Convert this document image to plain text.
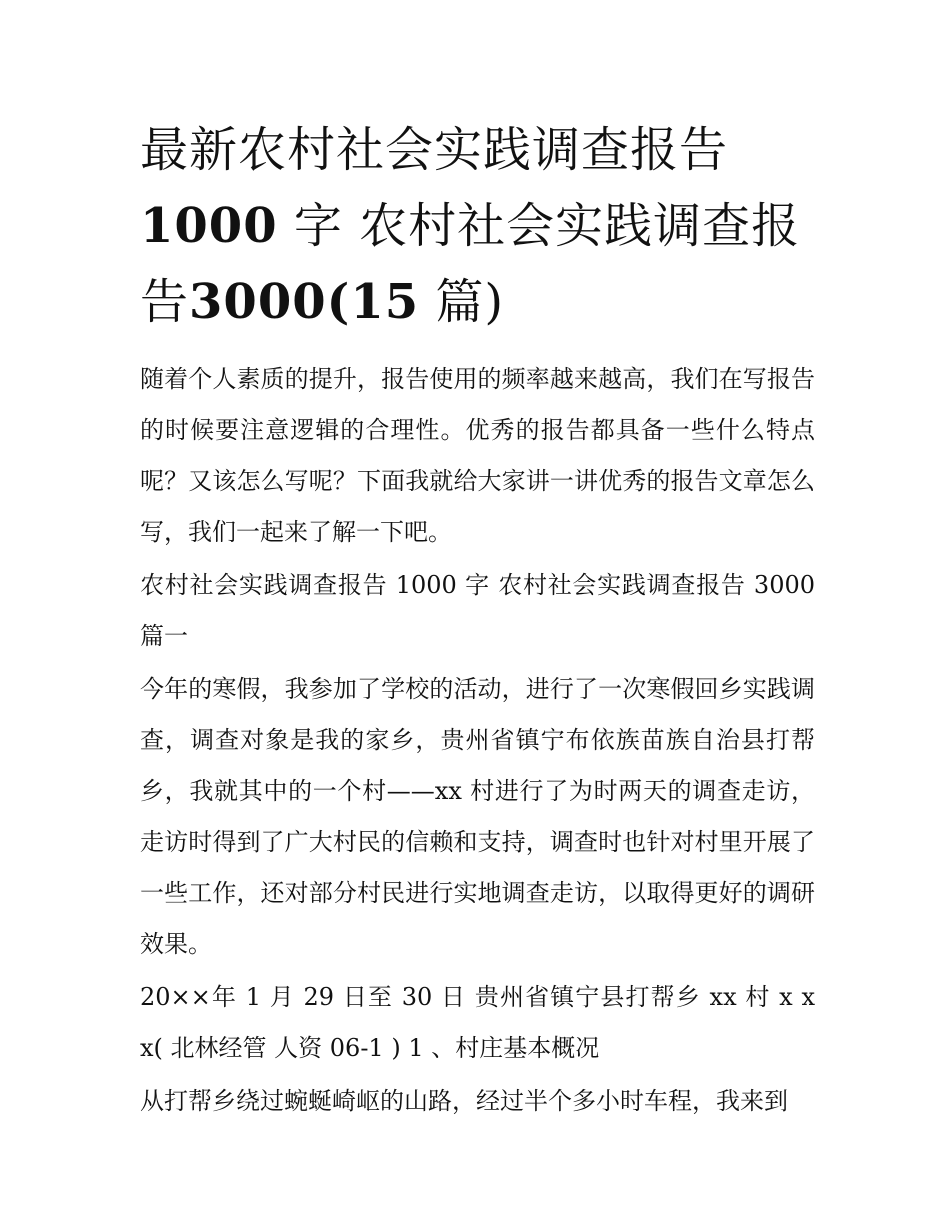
最新农村社会实践调查报告1000 字 农村社会实践调查报告3000(15 篇)

随着个人素质的提升，报告使用的频率越来越高，我们在写报告的时候要注意逻辑的合理性。优秀的报告都具备一些什么特点呢？又该怎么写呢？下面我就给大家讲一讲优秀的报告文章怎么写，我们一起来了解一下吧。

农村社会实践调查报告 1000 字 农村社会实践调查报告 3000 篇一

今年的寒假，我参加了学校的活动，进行了一次寒假回乡实践调查，调查对象是我的家乡，贵州省镇宁布依族苗族自治县打帮乡，我就其中的一个村——xx 村进行了为时两天的调查走访，走访时得到了广大村民的信赖和支持，调查时也针对村里开展了一些工作，还对部分村民进行实地调查走访，以取得更好的调研效果。

20××年 1 月 29 日至 30 日 贵州省镇宁县打帮乡 xx 村 x x x( 北林经管 人资 06-1 ) 1 、村庄基本概况

从打帮乡绕过蜿蜒崎岖的山路，经过半个多小时车程，我来到
